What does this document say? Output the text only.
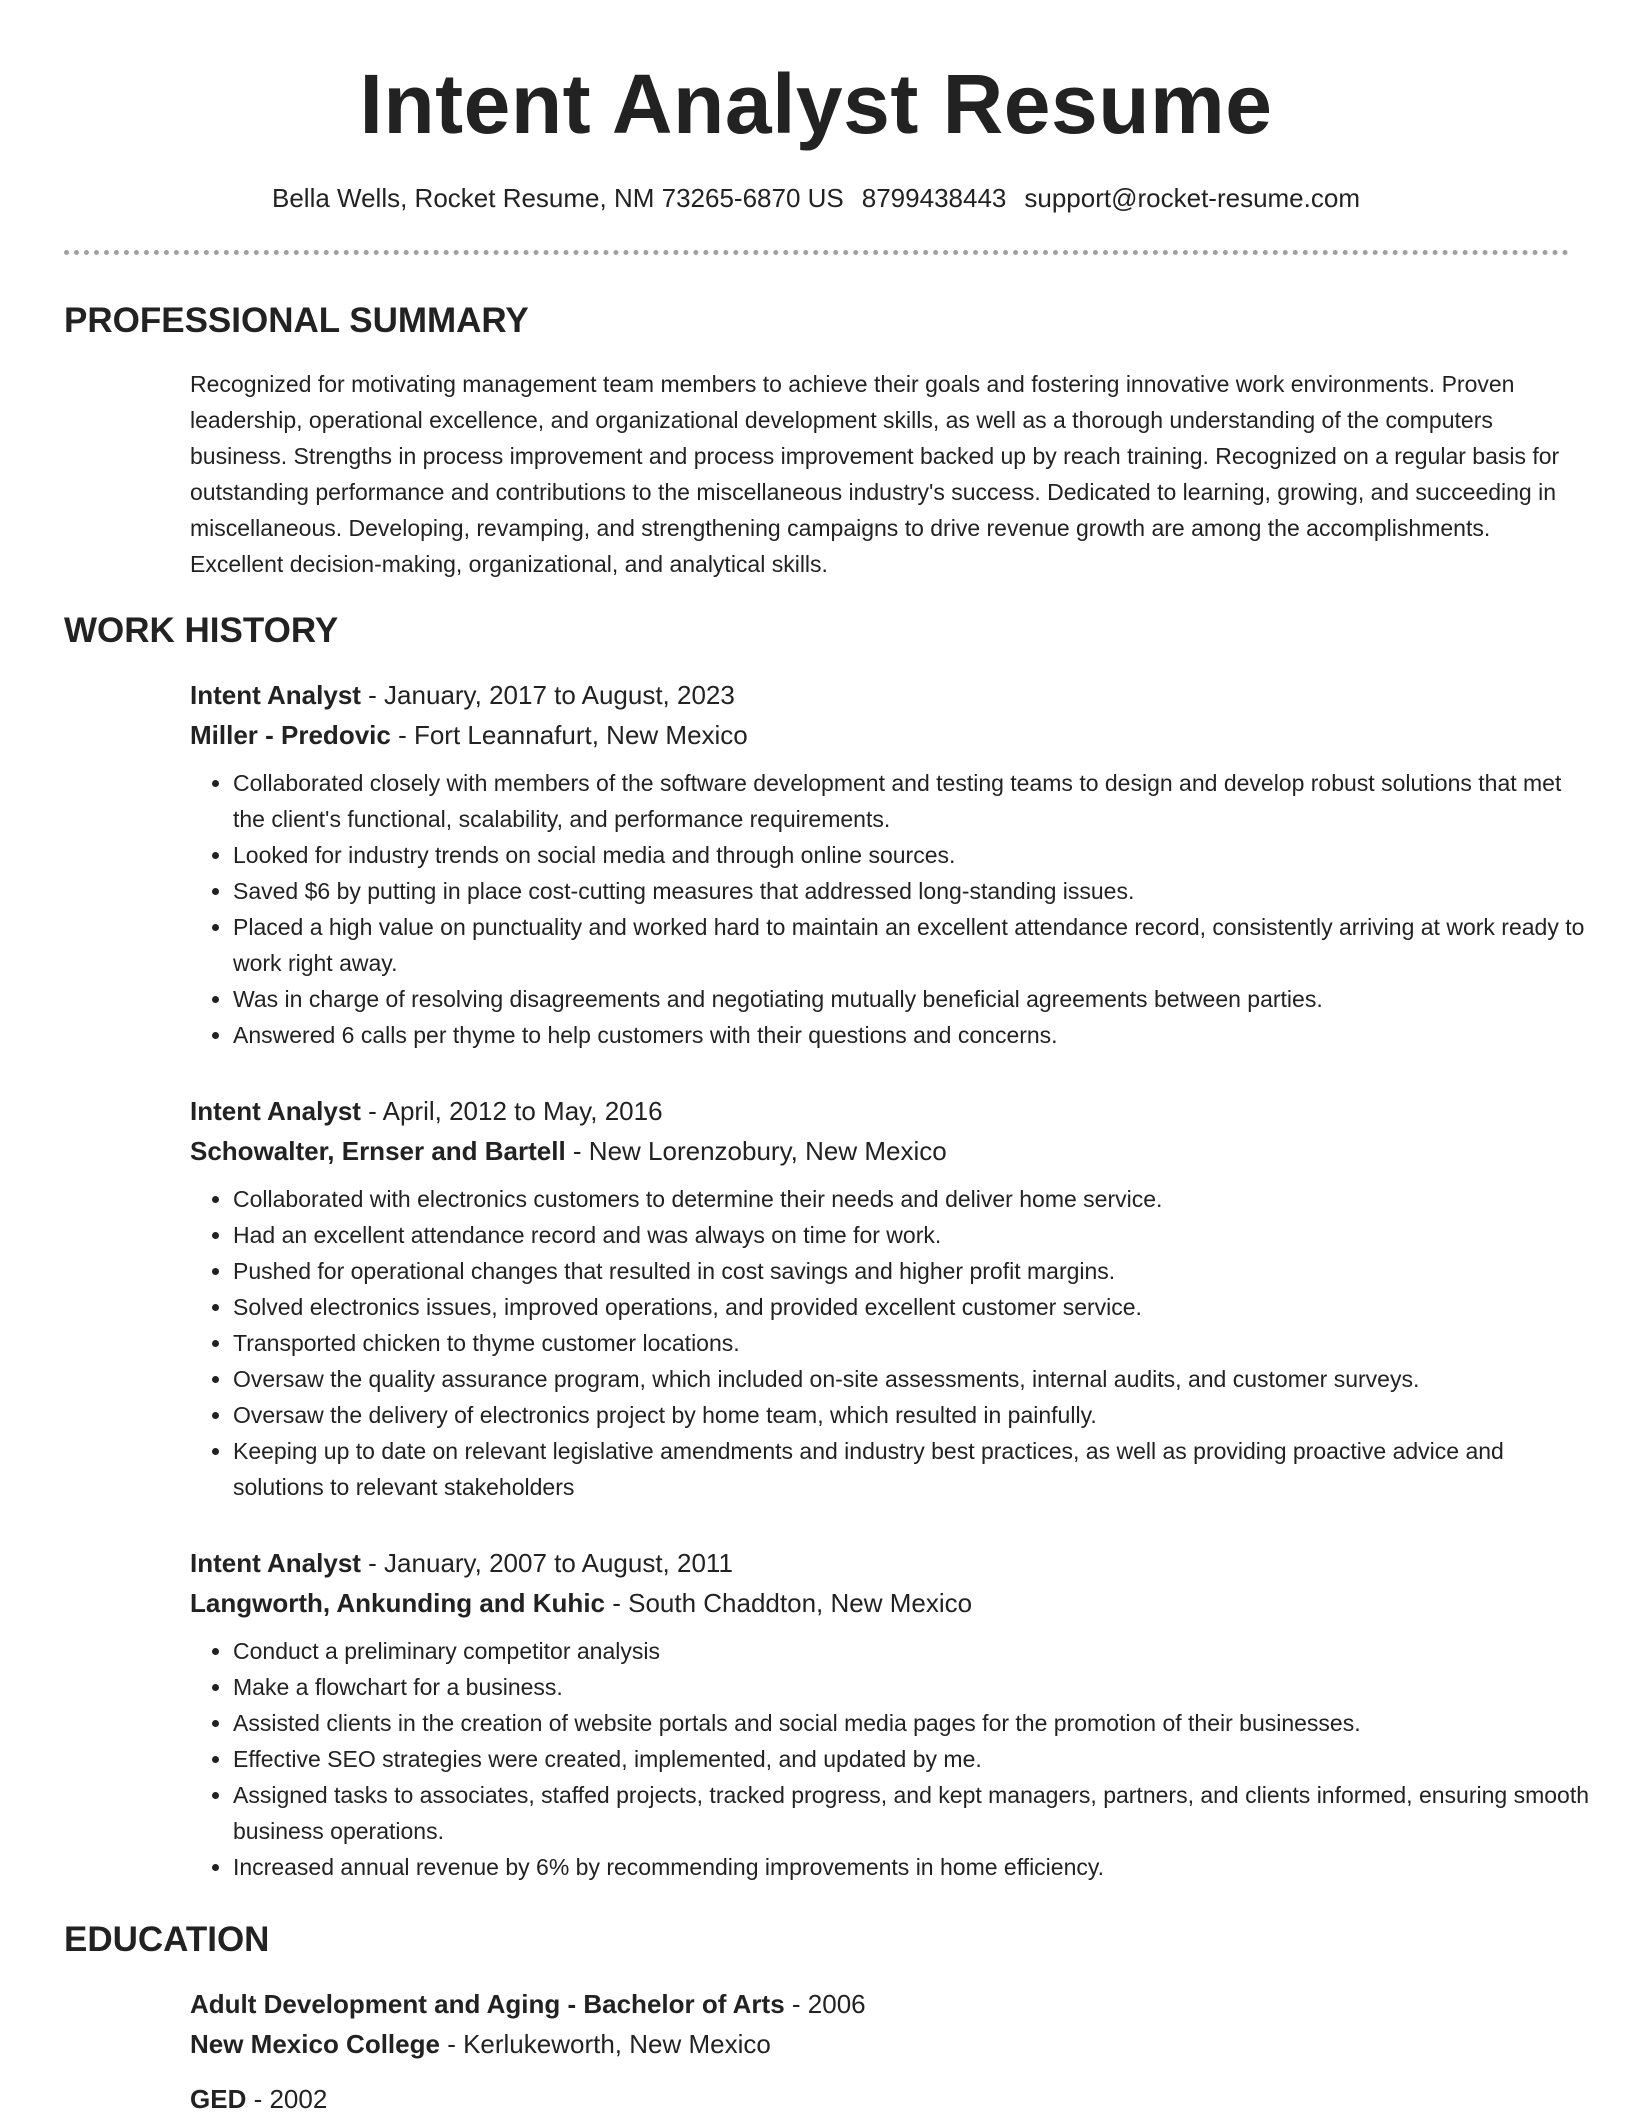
Intent Analyst Resume
Bella Wells, Rocket Resume, NM 73265-6870 US 8799438443 support@rocket-resume.com
PROFESSIONAL SUMMARY

Recognized for motivating management team members to achieve their goals and fostering innovative work environments. Proven leadership, operational excellence, and organizational development skills, as well as a thorough understanding of the computers business. Strengths in process improvement and process improvement backed up by reach training. Recognized on a regular basis for outstanding performance and contributions to the miscellaneous industry's success. Dedicated to learning, growing, and succeeding in miscellaneous. Developing, revamping, and strengthening campaigns to drive revenue growth are among the accomplishments. Excellent decision-making, organizational, and analytical skills.

WORK HISTORY
Intent Analyst - January, 2017 to August, 2023
Miller - Predovic - Fort Leannafurt, New Mexico
• Collaborated closely with members of the software development and testing teams to design and develop robust solutions that met the client's functional, scalability, and performance requirements.
• Looked for industry trends on social media and through online sources.
• Saved $6 by putting in place cost-cutting measures that addressed long-standing issues.
• Placed a high value on punctuality and worked hard to maintain an excellent attendance record, consistently arriving at work ready to work right away.
• Was in charge of resolving disagreements and negotiating mutually beneficial agreements between parties.
• Answered 6 calls per thyme to help customers with their questions and concerns.
Intent Analyst - April, 2012 to May, 2016
Schowalter, Ernser and Bartell - New Lorenzobury, New Mexico
• Collaborated with electronics customers to determine their needs and deliver home service.
• Had an excellent attendance record and was always on time for work.
• Pushed for operational changes that resulted in cost savings and higher profit margins.
• Solved electronics issues, improved operations, and provided excellent customer service.
• Transported chicken to thyme customer locations.
• Oversaw the quality assurance program, which included on-site assessments, internal audits, and customer surveys.
• Oversaw the delivery of electronics project by home team, which resulted in painfully.
• Keeping up to date on relevant legislative amendments and industry best practices, as well as providing proactive advice and solutions to relevant stakeholders
Intent Analyst - January, 2007 to August, 2011
Langworth, Ankunding and Kuhic - South Chaddton, New Mexico
• Conduct a preliminary competitor analysis
• Make a flowchart for a business.
• Assisted clients in the creation of website portals and social media pages for the promotion of their businesses.
• Effective SEO strategies were created, implemented, and updated by me.
• Assigned tasks to associates, staffed projects, tracked progress, and kept managers, partners, and clients informed, ensuring smooth business operations.
• Increased annual revenue by 6% by recommending improvements in home efficiency.
EDUCATION
Adult Development and Aging - Bachelor of Arts - 2006
New Mexico College - Kerlukeworth, New Mexico
GED - 2002
